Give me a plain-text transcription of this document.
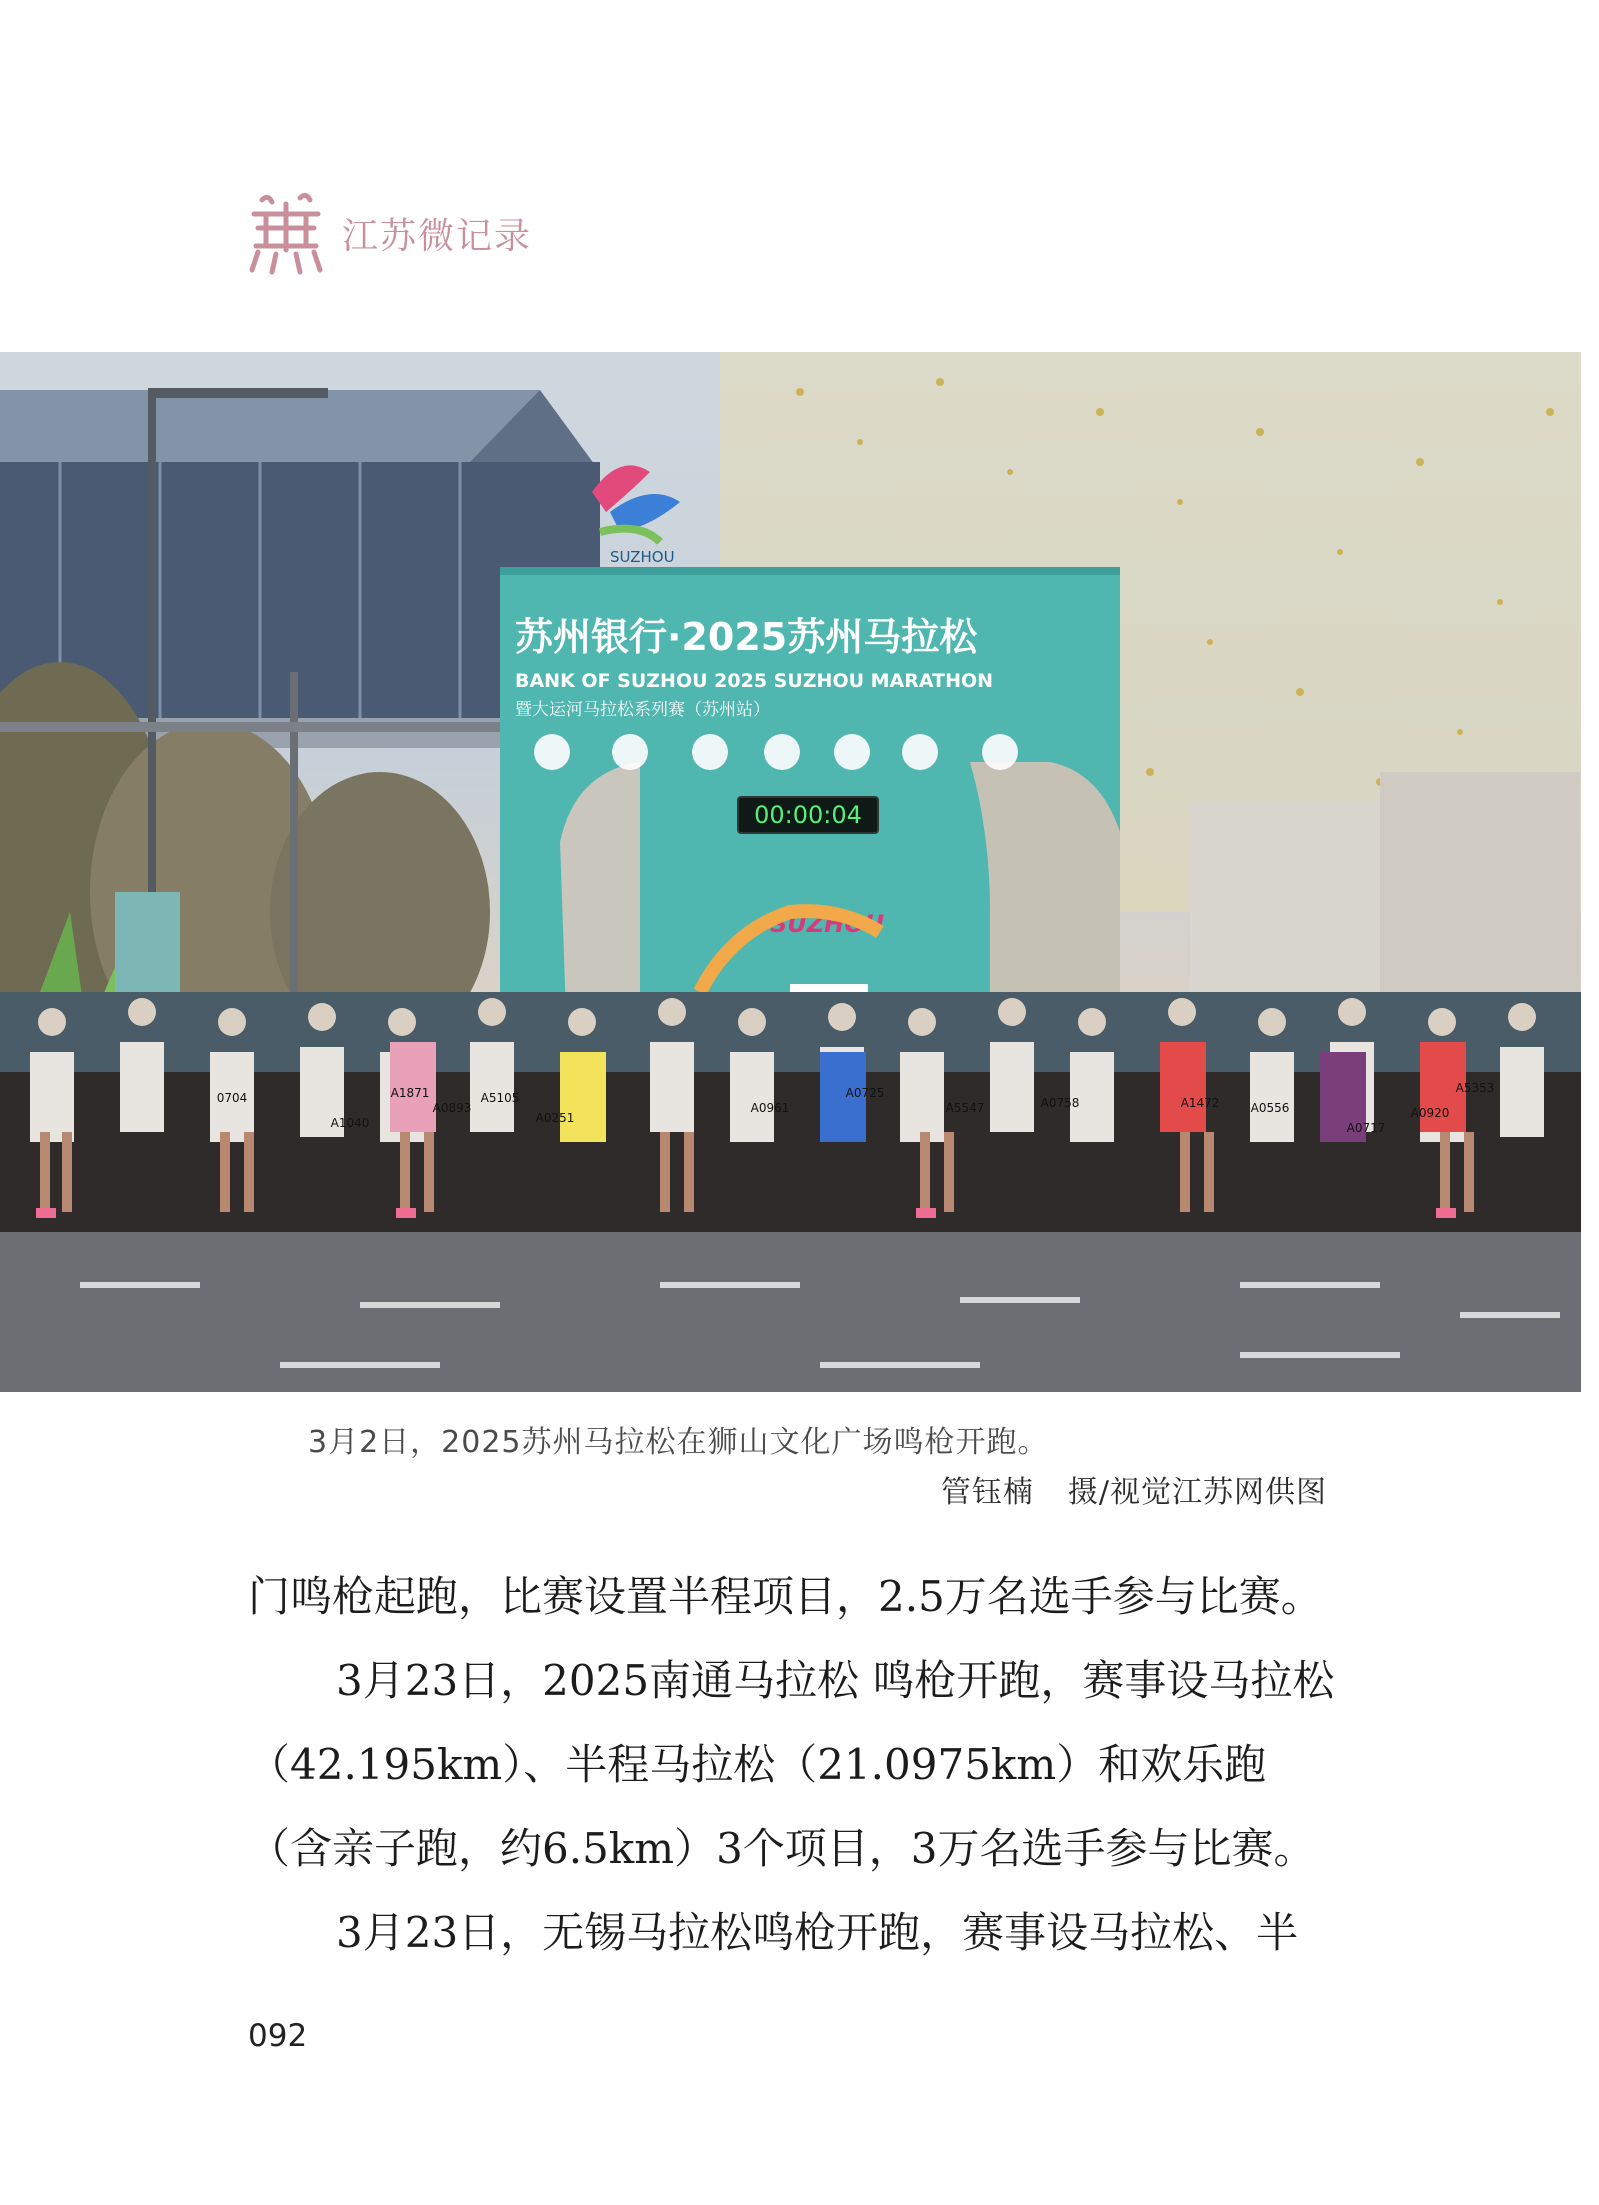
江苏微记录
苏州银行·2025苏州马拉松
BANK OF SUZHOU 2025 SUZHOU MARATHON
暨大运河马拉松系列赛（苏州站）
00:00:04
SUZHOU
SUZHOU
A1871
0704
A0893
A5105
A1040	A0251
A0961
A0725
A5547	A0758	A1472	A0556
A0717
A0920
A5353
3月2日，2025苏州马拉松在狮山文化广场鸣枪开跑。
管钰楠 摄/视觉江苏网供图

门鸣枪起跑，比赛设置半程项目，2.5万名选手参与比赛。

3月23日，2025南通马拉松 鸣枪开跑，赛事设马拉松（42.195km）、半程马拉松（21.0975km）和欢乐跑（含亲子跑，约6.5km）3个项目，3万名选手参与比赛。

3月23日，无锡马拉松鸣枪开跑，赛事设马拉松、半

092
